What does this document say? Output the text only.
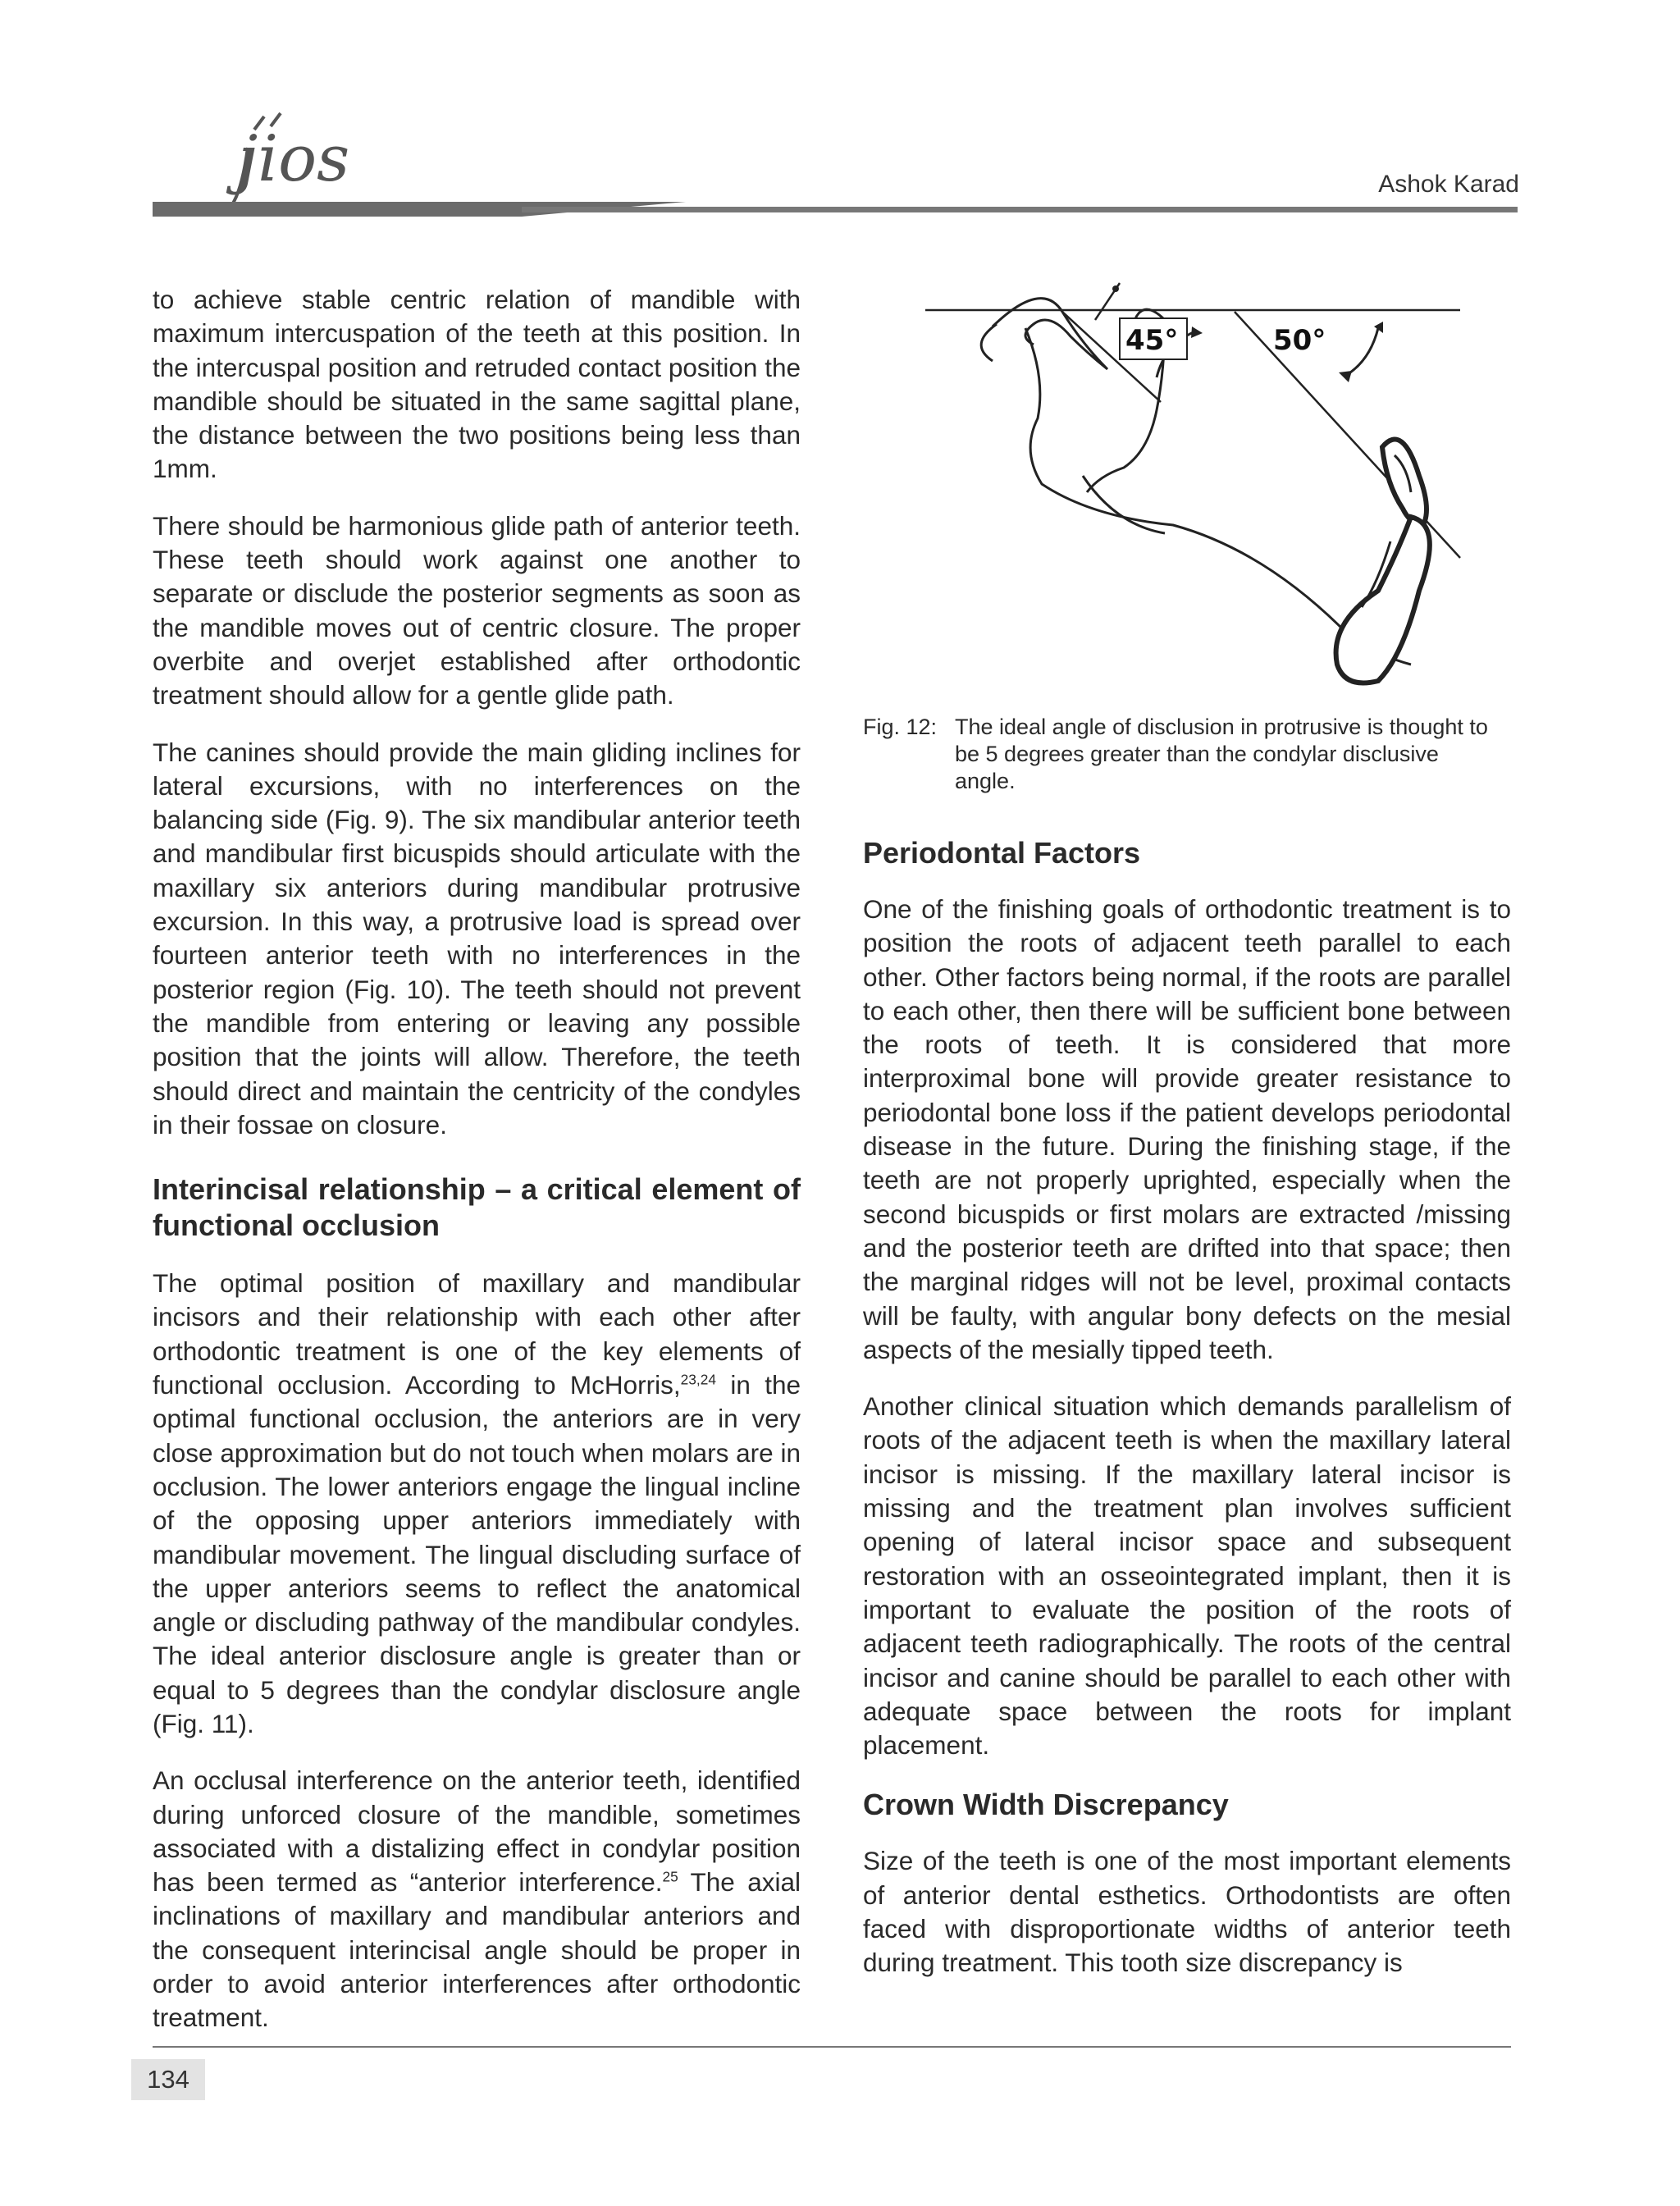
jios	Ashok Karad

to achieve stable centric relation of mandible with maximum intercuspation of the teeth at this position. In the intercuspal position and retruded contact position the mandible should be situated in the same sagittal plane, the distance between the two positions being less than 1mm.

There should be harmonious glide path of anterior teeth. These teeth should work against one another to separate or disclude the posterior segments as soon as the mandible moves out of centric closure. The proper overbite and overjet established after orthodontic treatment should allow for a gentle glide path.

The canines should provide the main gliding inclines for lateral excursions, with no interferences on the balancing side (Fig. 9). The six mandibular anterior teeth and mandibular first bicuspids should articulate with the maxillary six anteriors during mandibular protrusive excursion. In this way, a protrusive load is spread over fourteen anterior teeth with no interferences in the posterior region (Fig. 10). The teeth should not prevent the mandible from entering or leaving any possible position that the joints will allow. Therefore, the teeth should direct and maintain the centricity of the condyles in their fossae on closure.

Interincisal relationship – a critical element of functional occlusion

The optimal position of maxillary and mandibular incisors and their relationship with each other after orthodontic treatment is one of the key elements of functional occlusion. According to McHorris,$^{23,24}$ in the optimal functional occlusion, the anteriors are in very close approximation but do not touch when molars are in occlusion. The lower anteriors engage the lingual incline of the opposing upper anteriors immediately with mandibular movement. The lingual discluding surface of the upper anteriors seems to reflect the anatomical angle or discluding pathway of the mandibular condyles. The ideal anterior disclosure angle is greater than or equal to 5 degrees than the condylar disclosure angle (Fig. 11).

An occlusal interference on the anterior teeth, identified during unforced closure of the mandible, sometimes associated with a distalizing effect in condylar position has been termed as “anterior interference.$^{25}$ The axial inclinations of maxillary and mandibular anteriors and the consequent interincisal angle should be proper in order to avoid anterior interferences after orthodontic treatment.

45°	50°
Fig. 12: The ideal angle of disclusion in protrusive is thought to be 5 degrees greater than the condylar disclusive angle.

Periodontal Factors

One of the finishing goals of orthodontic treatment is to position the roots of adjacent teeth parallel to each other. Other factors being normal, if the roots are parallel to each other, then there will be sufficient bone between the roots of teeth. It is considered that more interproximal bone will provide greater resistance to periodontal bone loss if the patient develops periodontal disease in the future. During the finishing stage, if the teeth are not properly uprighted, especially when the second bicuspids or first molars are extracted /missing and the posterior teeth are drifted into that space; then the marginal ridges will not be level, proximal contacts will be faulty, with angular bony defects on the mesial aspects of the mesially tipped teeth.

Another clinical situation which demands parallelism of roots of the adjacent teeth is when the maxillary lateral incisor is missing. If the maxillary lateral incisor is missing and the treatment plan involves sufficient opening of lateral incisor space and subsequent restoration with an osseointegrated implant, then it is important to evaluate the position of the roots of adjacent teeth radiographically. The roots of the central incisor and canine should be parallel to each other with adequate space between the roots for implant placement.

Crown Width Discrepancy

Size of the teeth is one of the most important elements of anterior dental esthetics. Orthodontists are often faced with disproportionate widths of anterior teeth during treatment. This tooth size discrepancy is

134
